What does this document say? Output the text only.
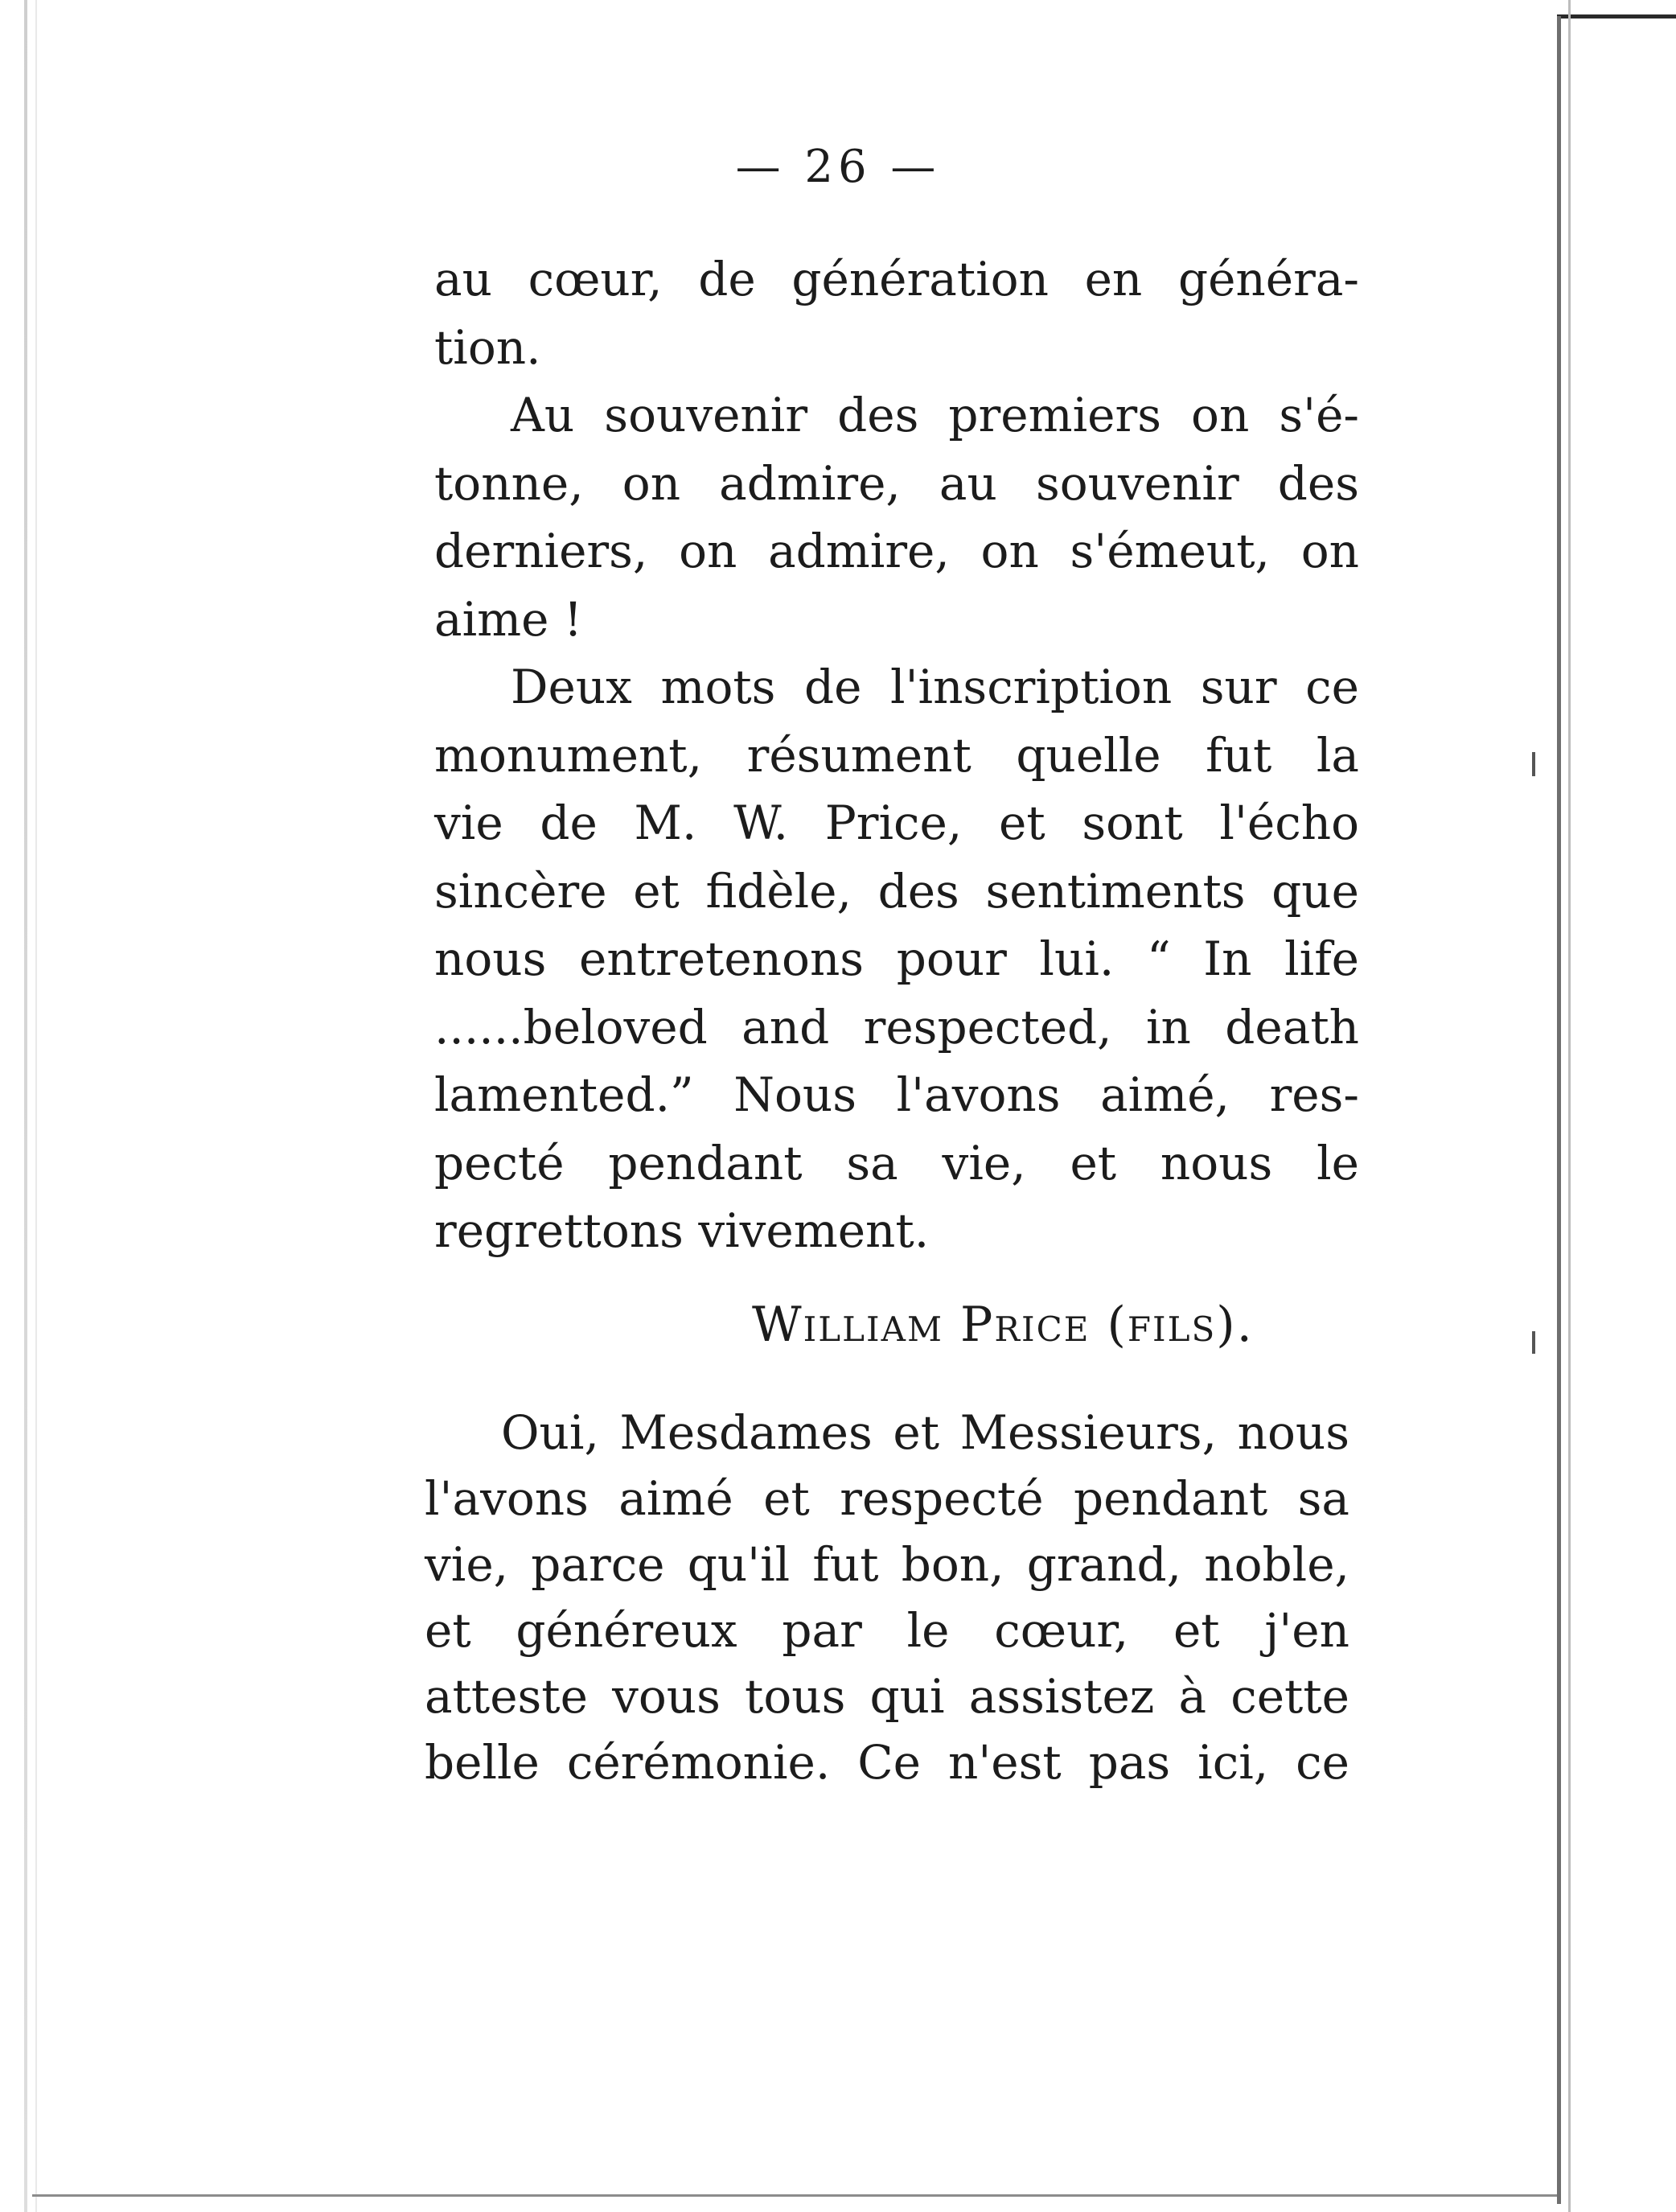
— 26 —
au cœur, de génération en généra-
tion.
Au souvenir des premiers on s'é-
tonne, on admire, au souvenir des
derniers, on admire, on s'émeut, on
aime !
Deux mots de l'inscription sur ce
monument, résument quelle fut la
vie de M. W. Price, et sont l'écho
sincère et fidèle, des sentiments que
nous entretenons pour lui. “ In life
......beloved and respected, in death
lamented.” Nous l'avons aimé, res-
pecté pendant sa vie, et nous le
regrettons vivement.
William Price (fils).
Oui, Mesdames et Messieurs, nous
l'avons aimé et respecté pendant sa
vie, parce qu'il fut bon, grand, noble,
et généreux par le cœur, et j'en
atteste vous tous qui assistez à cette
belle cérémonie. Ce n'est pas ici, ce
